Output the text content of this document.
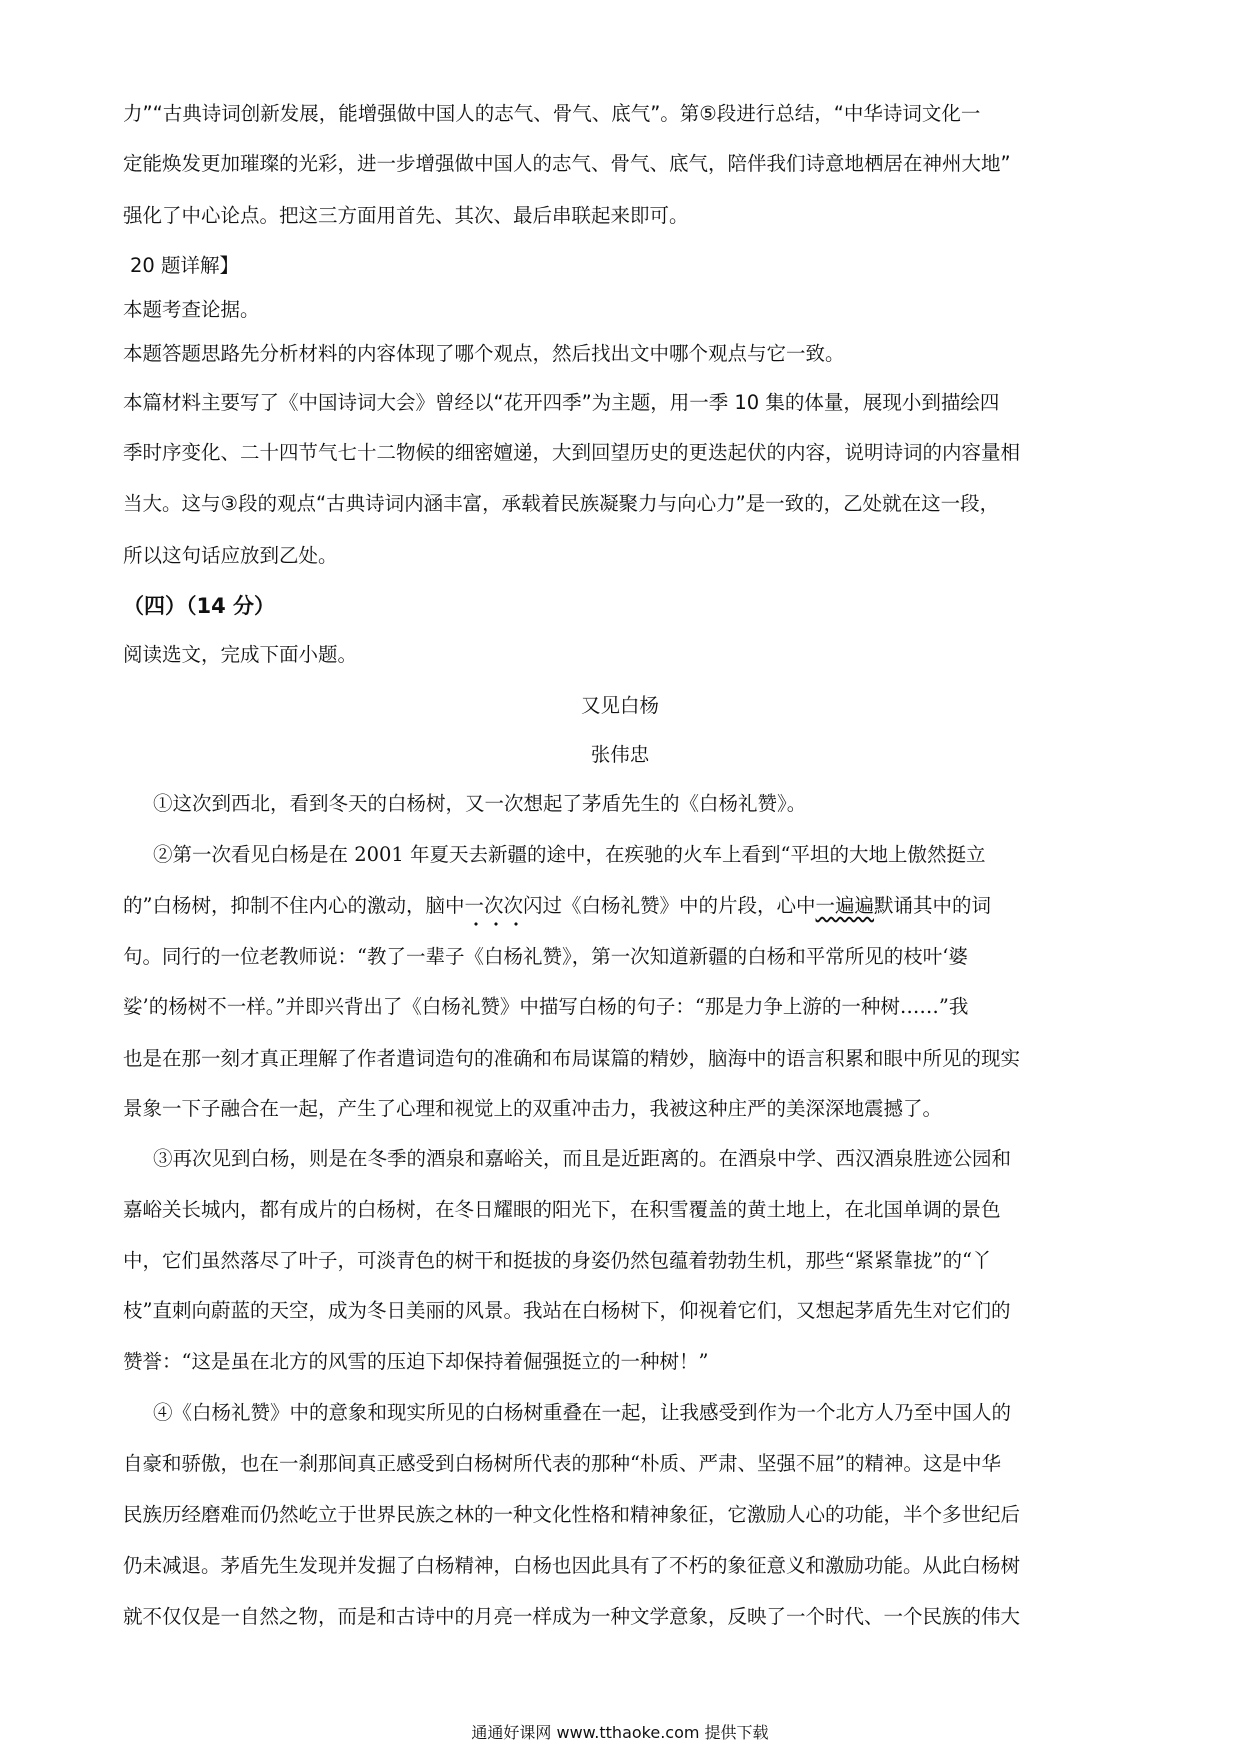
力”“古典诗词创新发展，能增强做中国人的志气、骨气、底气”。第⑤段进行总结，“中华诗词文化一
定能焕发更加璀璨的光彩，进一步增强做中国人的志气、骨气、底气，陪伴我们诗意地栖居在神州大地”
强化了中心论点。把这三方面用首先、其次、最后串联起来即可。
20 题详解】
本题考查论据。
本题答题思路先分析材料的内容体现了哪个观点，然后找出文中哪个观点与它一致。
本篇材料主要写了《中国诗词大会》曾经以“花开四季”为主题，用一季 10 集的体量，展现小到描绘四
季时序变化、二十四节气七十二物候的细密嬗递，大到回望历史的更迭起伏的内容，说明诗词的内容量相
当大。这与③段的观点“古典诗词内涵丰富，承载着民族凝聚力与向心力”是一致的，乙处就在这一段，
所以这句话应放到乙处。
（四）（14 分）
阅读选文，完成下面小题。
又见白杨
张伟忠
①这次到西北，看到冬天的白杨树，又一次想起了茅盾先生的《白杨礼赞》。
②第一次看见白杨是在 2001 年夏天去新疆的途中，在疾驰的火车上看到“平坦的大地上傲然挺立
的”白杨树，抑制不住内心的激动，脑中一次次闪过《白杨礼赞》中的片段，心中一遍遍默诵其中的词
句。同行的一位老教师说：“教了一辈子《白杨礼赞》，第一次知道新疆的白杨和平常所见的枝叶‘婆
娑’的杨树不一样。”并即兴背出了《白杨礼赞》中描写白杨的句子：“那是力争上游的一种树……”我
也是在那一刻才真正理解了作者遣词造句的准确和布局谋篇的精妙，脑海中的语言积累和眼中所见的现实
景象一下子融合在一起，产生了心理和视觉上的双重冲击力，我被这种庄严的美深深地震撼了。
③再次见到白杨，则是在冬季的酒泉和嘉峪关，而且是近距离的。在酒泉中学、西汉酒泉胜迹公园和
嘉峪关长城内，都有成片的白杨树，在冬日耀眼的阳光下，在积雪覆盖的黄土地上，在北国单调的景色
中，它们虽然落尽了叶子，可淡青色的树干和挺拔的身姿仍然包蕴着勃勃生机，那些“紧紧靠拢”的“丫
枝”直刺向蔚蓝的天空，成为冬日美丽的风景。我站在白杨树下，仰视着它们，又想起茅盾先生对它们的
赞誉：“这是虽在北方的风雪的压迫下却保持着倔强挺立的一种树！”
④《白杨礼赞》中的意象和现实所见的白杨树重叠在一起，让我感受到作为一个北方人乃至中国人的
自豪和骄傲，也在一刹那间真正感受到白杨树所代表的那种“朴质、严肃、坚强不屈”的精神。这是中华
民族历经磨难而仍然屹立于世界民族之林的一种文化性格和精神象征，它激励人心的功能，半个多世纪后
仍未减退。茅盾先生发现并发掘了白杨精神，白杨也因此具有了不朽的象征意义和激励功能。从此白杨树
就不仅仅是一自然之物，而是和古诗中的月亮一样成为一种文学意象，反映了一个时代、一个民族的伟大
通通好课网 www.tthaoke.com 提供下载
